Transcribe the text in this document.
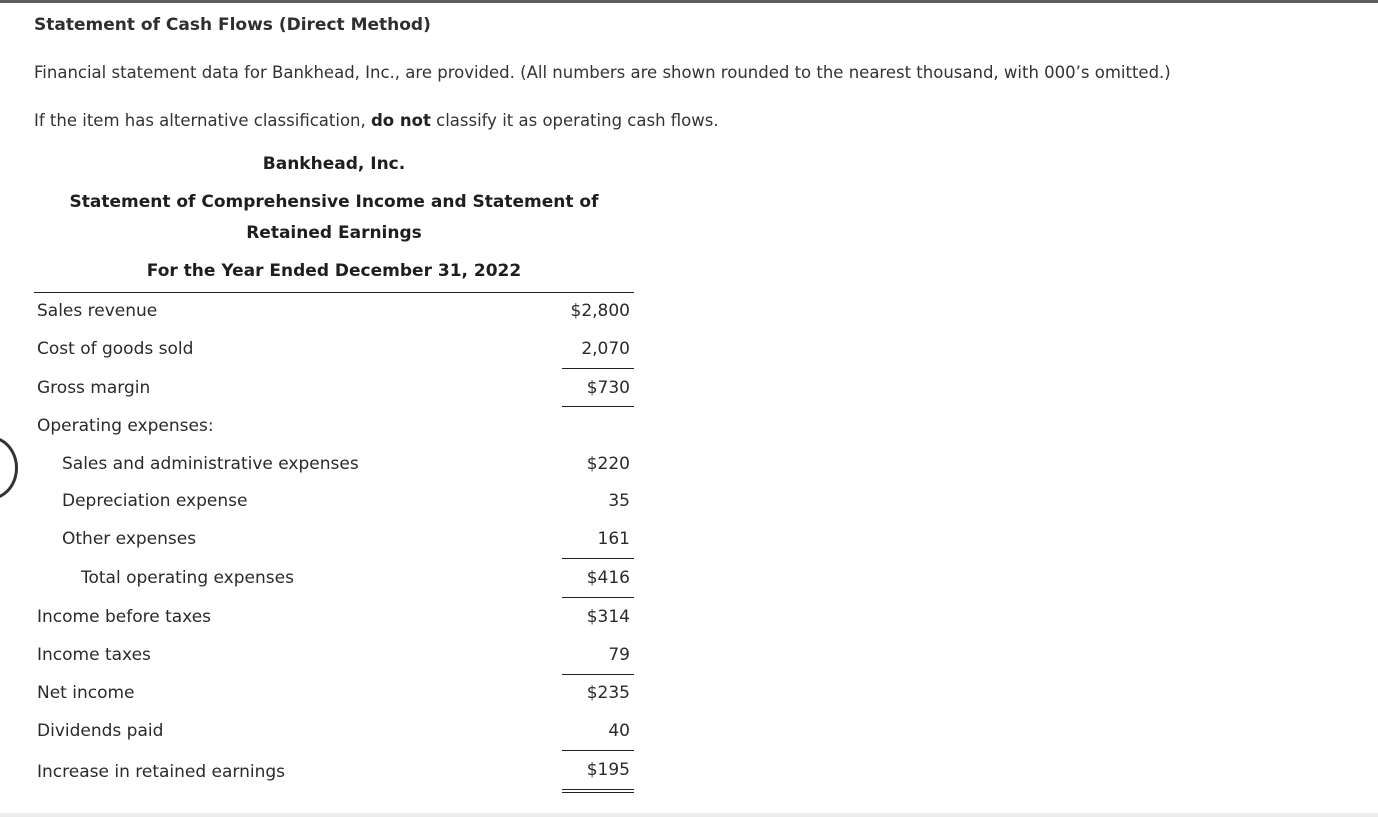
Statement of Cash Flows (Direct Method)
Financial statement data for Bankhead, Inc., are provided. (All numbers are shown rounded to the nearest thousand, with 000’s omitted.)
If the item has alternative classification, do not classify it as operating cash flows.
Bankhead, Inc.
Statement of Comprehensive Income and Statement of
Retained Earnings
For the Year Ended December 31, 2022
Sales revenue	$2,800
Cost of goods sold	2,070
Gross margin	$730
Operating expenses:
Sales and administrative expenses	$220
Depreciation expense	35
Other expenses	161
Total operating expenses	$416
Income before taxes	$314
Income taxes	79
Net income	$235
Dividends paid	40
Increase in retained earnings	$195
